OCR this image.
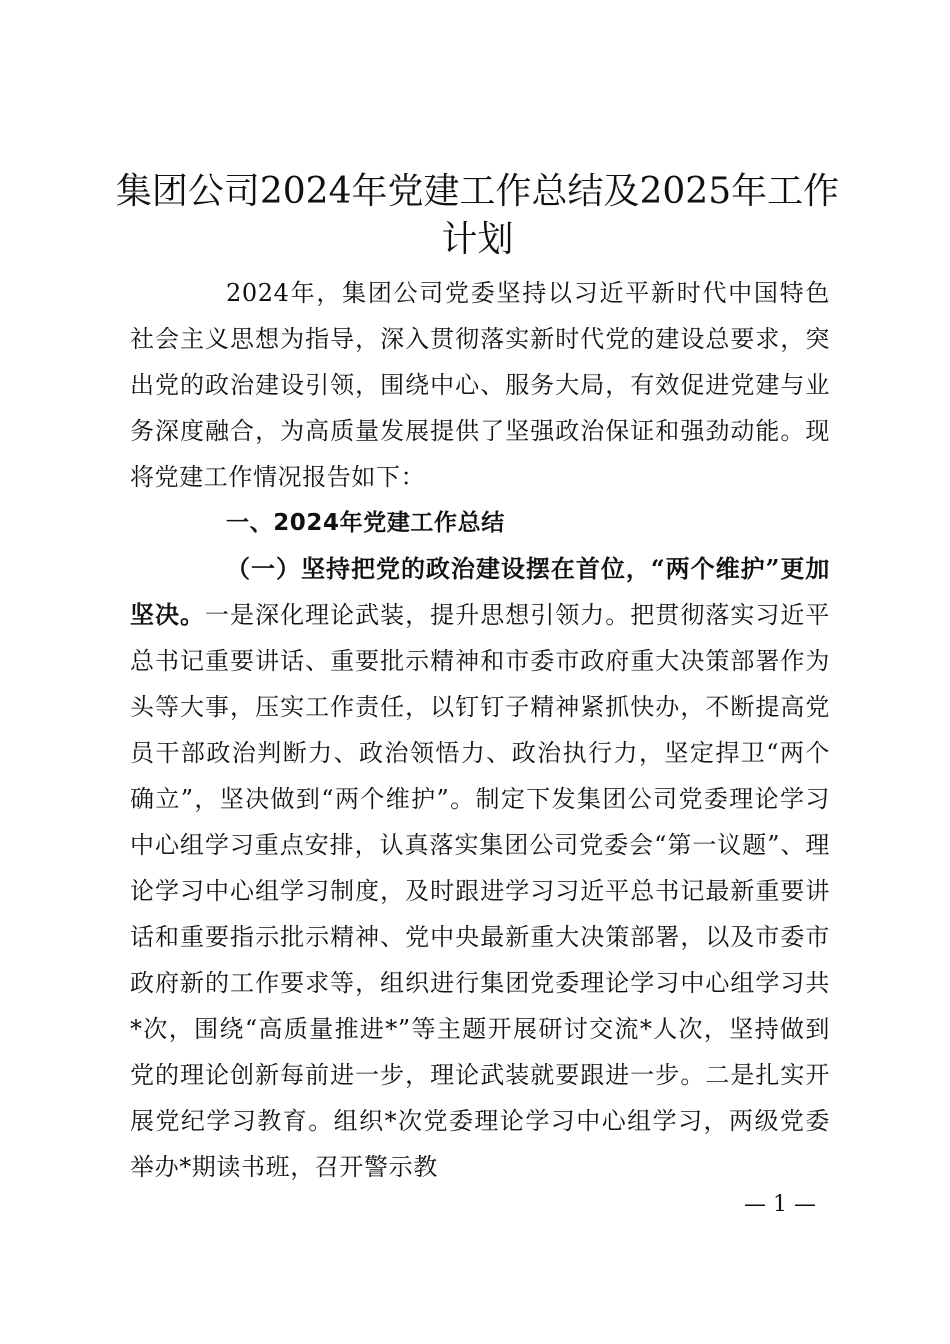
集团公司2024年党建工作总结及2025年工作计划

2024年，集团公司党委坚持以习近平新时代中国特色社会主义思想为指导，深入贯彻落实新时代党的建设总要求，突出党的政治建设引领，围绕中心、服务大局，有效促进党建与业务深度融合，为高质量发展提供了坚强政治保证和强劲动能。现将党建工作情况报告如下：

一、2024年党建工作总结

（一）坚持把党的政治建设摆在首位，“两个维护”更加坚决。一是深化理论武装，提升思想引领力。把贯彻落实习近平总书记重要讲话、重要批示精神和市委市政府重大决策部署作为头等大事，压实工作责任，以钉钉子精神紧抓快办，不断提高党员干部政治判断力、政治领悟力、政治执行力，坚定捍卫“两个确立”，坚决做到“两个维护”。制定下发集团公司党委理论学习中心组学习重点安排，认真落实集团公司党委会“第一议题”、理论学习中心组学习制度，及时跟进学习习近平总书记最新重要讲话和重要指示批示精神、党中央最新重大决策部署，以及市委市政府新的工作要求等，组织进行集团党委理论学习中心组学习共*次，围绕“高质量推进*”等主题开展研讨交流*人次，坚持做到党的理论创新每前进一步，理论武装就要跟进一步。二是扎实开展党纪学习教育。组织*次党委理论学习中心组学习，两级党委举办*期读书班，召开警示教

— 1 —
